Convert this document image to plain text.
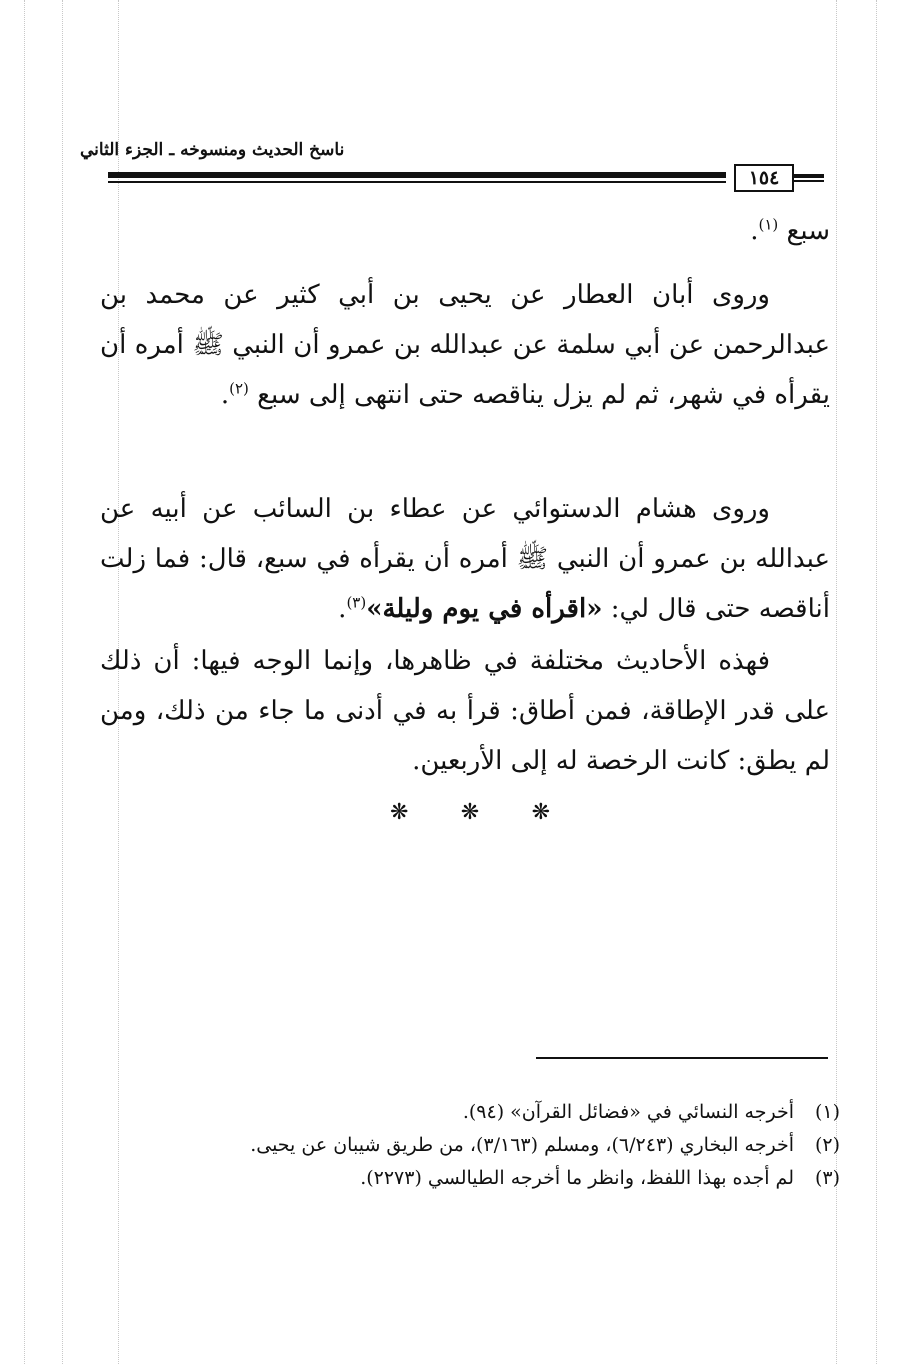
ناسخ الحديث ومنسوخه ـ الجزء الثاني
١٥٤

سبع $^{(١)}$.

وروى أبان العطار عن يحيى بن أبي كثير عن محمد بن عبدالرحمن عن أبي سلمة عن عبدالله بن عمرو أن النبي ﷺ أمره أن يقرأه في شهر، ثم لم يزل يناقصه حتى انتهى إلى سبع $^{(٢)}$.

وروى هشام الدستوائي عن عطاء بن السائب عن أبيه عن عبدالله بن عمرو أن النبي ﷺ أمره أن يقرأه في سبع، قال: فما زلت أناقصه حتى قال لي: «اقرأه في يوم وليلة»$^{(٣)}$.

فهذه الأحاديث مختلفة في ظاهرها، وإنما الوجه فيها: أن ذلك على قدر الإطاقة، فمن أطاق: قرأ به في أدنى ما جاء من ذلك، ومن لم يطق: كانت الرخصة له إلى الأربعين.

❋ ❋ ❋
(١)
أخرجه النسائي في «فضائل القرآن» (٩٤).
(٢)
أخرجه البخاري (٦/٢٤٣)، ومسلم (٣/١٦٣)، من طريق شيبان عن يحيى.
(٣)
لم أجده بهذا اللفظ، وانظر ما أخرجه الطيالسي (٢٢٧٣).
